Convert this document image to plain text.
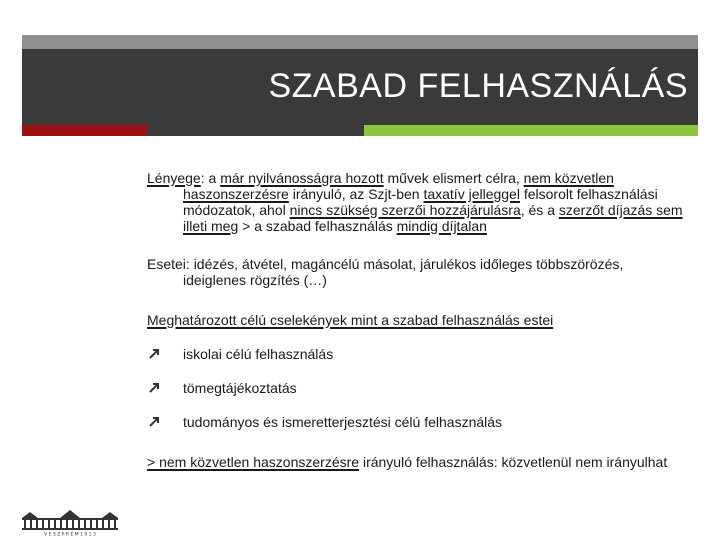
SZABAD FELHASZNÁLÁS

Lényege: a már nyilvánosságra hozott művek elismert célra, nem közvetlen haszonszerzésre irányuló, az Szjt-ben taxatív jelleggel felsorolt felhasználási módozatok, ahol nincs szükség szerzői hozzájárulásra, és a szerzőt díjazás sem illeti meg > a szabad felhasználás mindig díjtalan

Esetei: idézés, átvétel, magáncélú másolat, járulékos időleges többszörözés, ideiglenes rögzítés (…)

Meghatározott célú cselekények mint a szabad felhasználás estei

iskolai célú felhasználás
tömegtájékoztatás
tudományos és ismeretterjesztési célú felhasználás

> nem közvetlen haszonszerzésre irányuló felhasználás: közvetlenül nem irányulhat

V E S Z P R É M 1 9 1 3
